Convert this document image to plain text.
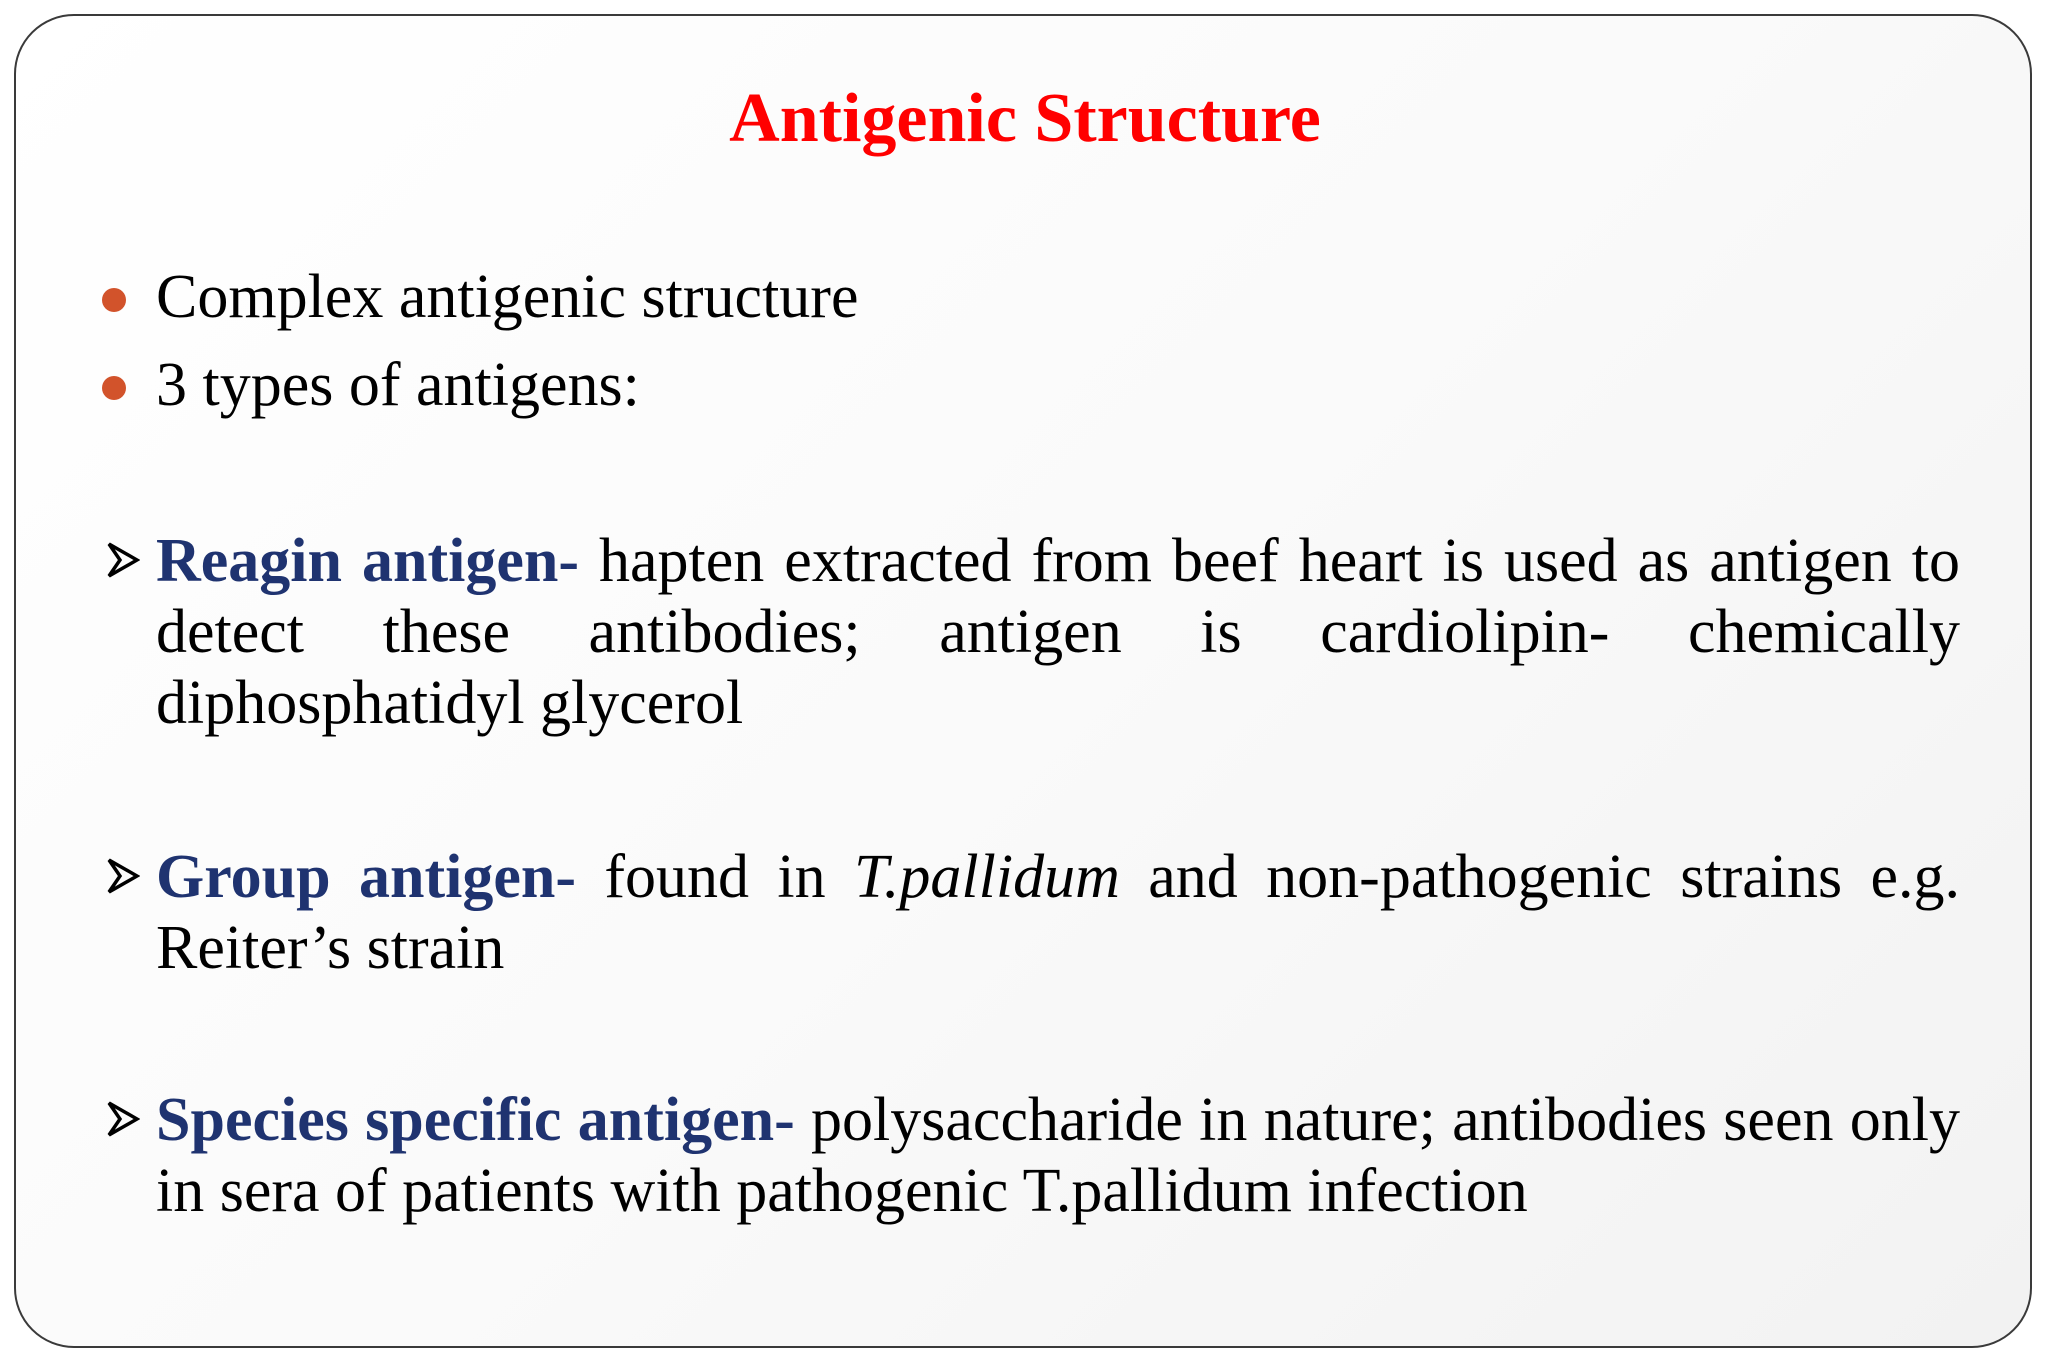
Antigenic Structure
Complex antigenic structure
3 types of antigens:
Reagin antigen- hapten extracted from beef heart is used as antigen to detect these antibodies; antigen is cardiolipin- chemically diphosphatidyl glycerol
Group antigen- found in T.pallidum and non-pathogenic strains e.g. Reiter’s strain
Species specific antigen- polysaccharide in nature; antibodies seen only in sera of patients with pathogenic T.pallidum infection
